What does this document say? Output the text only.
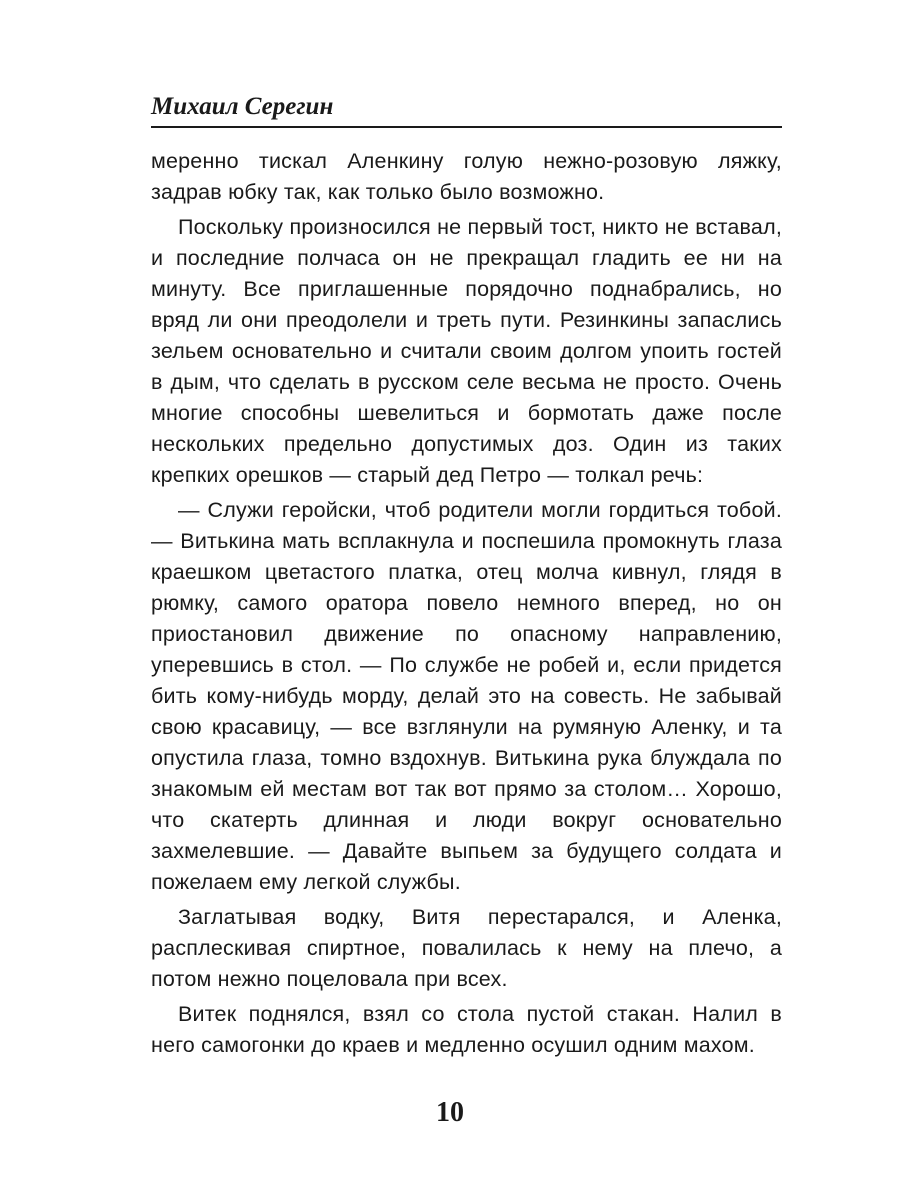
Михаил Серегин

меренно тискал Аленкину голую нежно-розовую ляжку, задрав юбку так, как только было возможно.

Поскольку произносился не первый тост, никто не вставал, и последние полчаса он не прекращал гладить ее ни на минуту. Все приглашенные порядочно поднабрались, но вряд ли они преодолели и треть пути. Резинкины запаслись зельем основательно и считали своим долгом упоить гостей в дым, что сделать в русском селе весьма не просто. Очень многие способны шевелиться и бормотать даже после нескольких предельно допустимых доз. Один из таких крепких орешков — старый дед Петро — толкал речь:

— Служи геройски, чтоб родители могли гордиться тобой. — Витькина мать всплакнула и поспешила промокнуть глаза краешком цветастого платка, отец молча кивнул, глядя в рюмку, самого оратора повело немного вперед, но он приостановил движение по опасному направлению, уперевшись в стол. — По службе не робей и, если придется бить кому-нибудь морду, делай это на совесть. Не забывай свою красавицу, — все взглянули на румяную Аленку, и та опустила глаза, томно вздохнув. Витькина рука блуждала по знакомым ей местам вот так вот прямо за столом… Хорошо, что скатерть длинная и люди вокруг основательно захмелевшие. — Давайте выпьем за будущего солдата и пожелаем ему легкой службы.

Заглатывая водку, Витя перестарался, и Аленка, расплескивая спиртное, повалилась к нему на плечо, а потом нежно поцеловала при всех.

Витек поднялся, взял со стола пустой стакан. Налил в него самогонки до краев и медленно осушил одним махом.

10
